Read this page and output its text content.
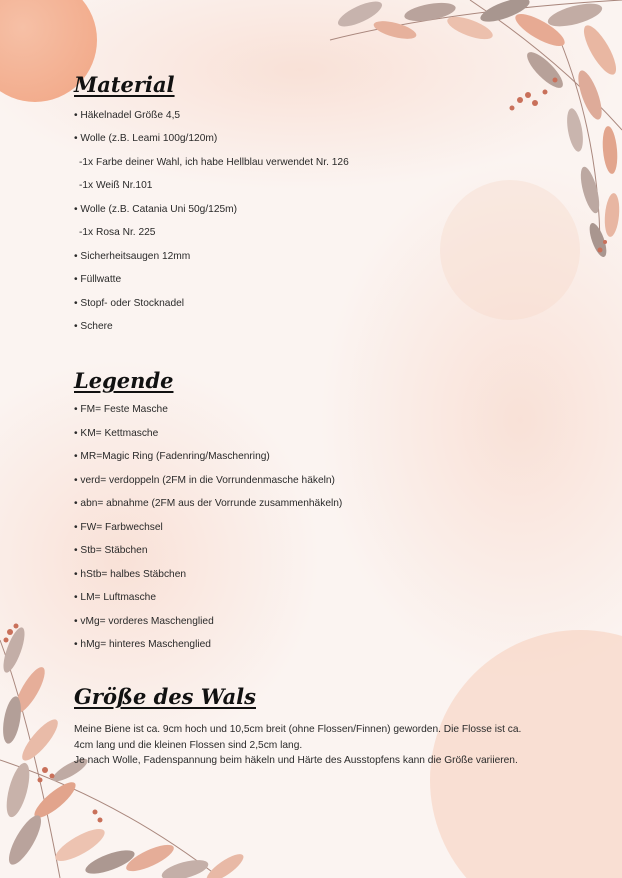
Material
• Häkelnadel Größe 4,5
• Wolle (z.B. Leami 100g/120m)
-1x Farbe deiner Wahl, ich habe Hellblau verwendet Nr. 126
-1x Weiß Nr.101
• Wolle (z.B. Catania Uni 50g/125m)
-1x Rosa Nr. 225
• Sicherheitsaugen 12mm
• Füllwatte
• Stopf- oder Stocknadel
• Schere
Legende
• FM= Feste Masche
• KM= Kettmasche
• MR=Magic Ring (Fadenring/Maschenring)
• verd= verdoppeln (2FM in die Vorrundenmasche häkeln)
• abn= abnahme (2FM aus der Vorrunde zusammenhäkeln)
• FW= Farbwechsel
• Stb= Stäbchen
• hStb= halbes Stäbchen
• LM= Luftmasche
• vMg= vorderes Maschenglied
• hMg= hinteres Maschenglied
Größe des Wals

Meine Biene ist ca. 9cm hoch und 10,5cm breit (ohne Flossen/Finnen) geworden. Die Flosse ist ca.
4cm lang und die kleinen Flossen sind 2,5cm lang.
Je nach Wolle, Fadenspannung beim häkeln und Härte des Ausstopfens kann die Größe variieren.
